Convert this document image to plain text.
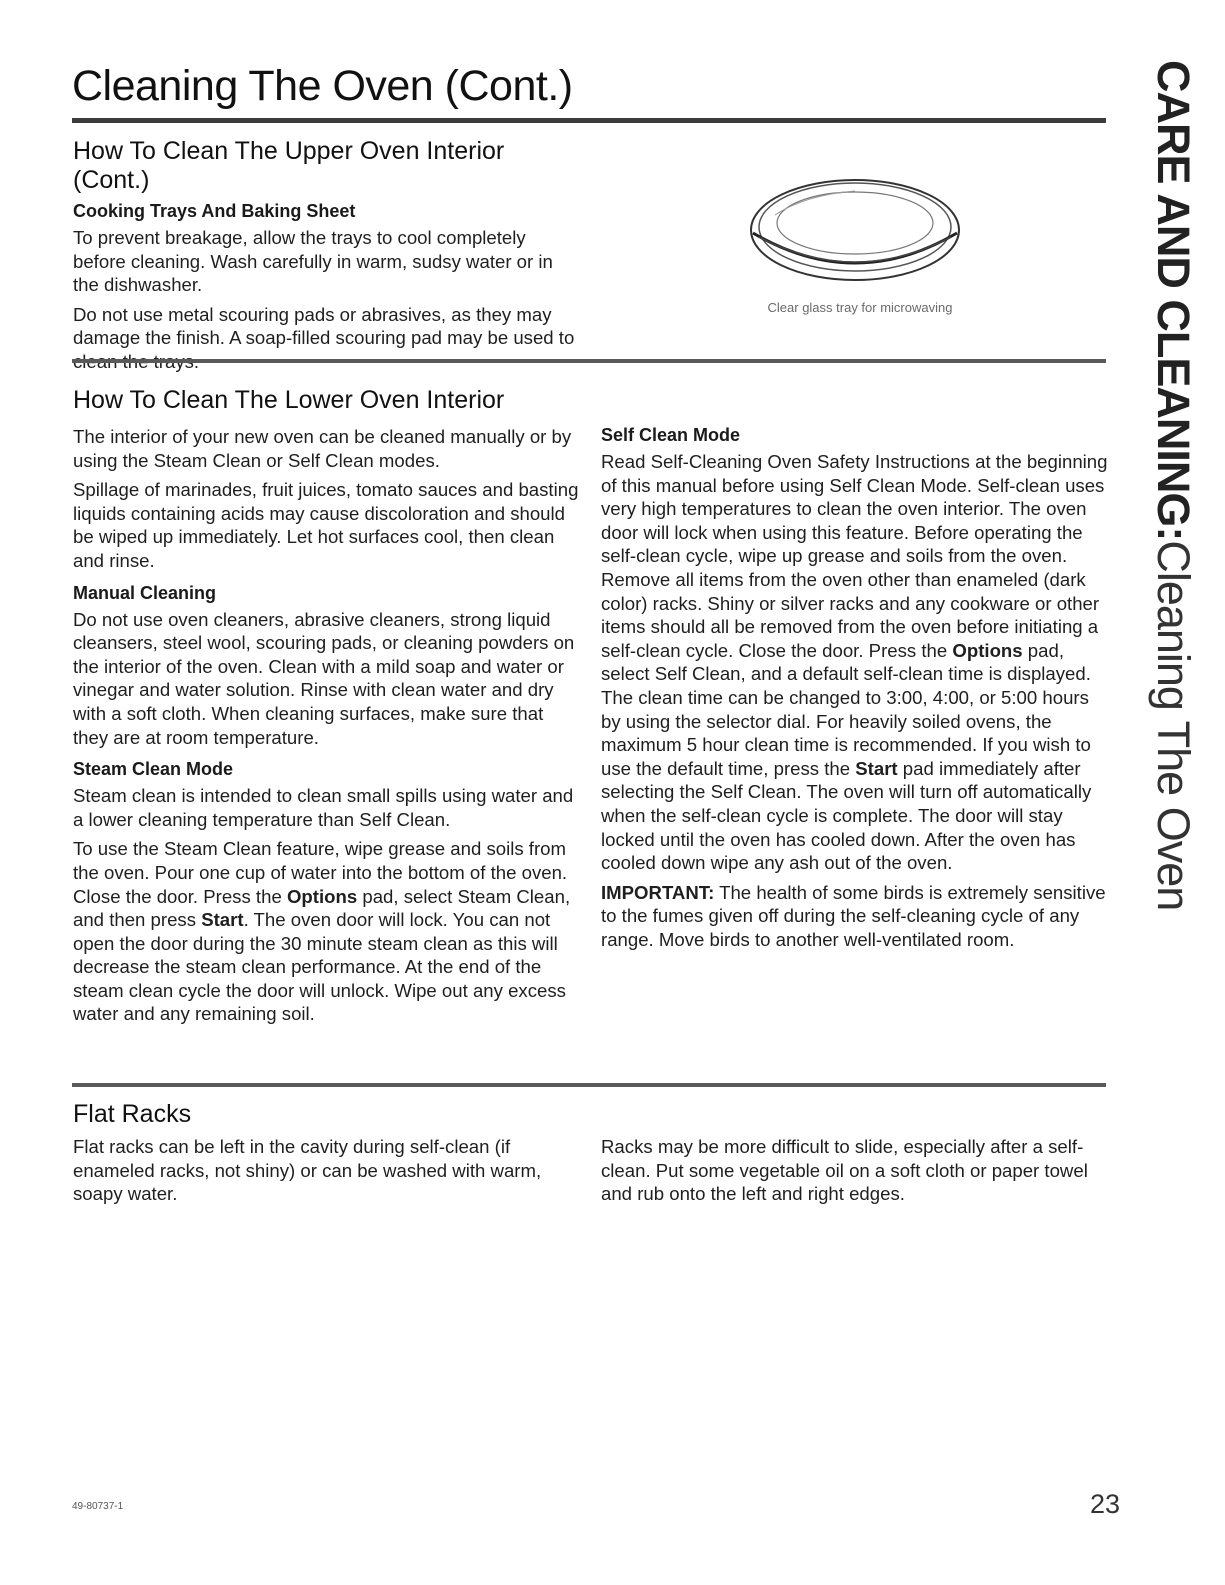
Cleaning The Oven (Cont.)	CARE AND CLEANING:Cleaning The Oven
How To Clean The Upper Oven Interior (Cont.)
Cooking Trays And Baking Sheet

To prevent breakage, allow the trays to cool completely before cleaning. Wash carefully in warm, sudsy water or in the dishwasher.

Do not use metal scouring pads or abrasives, as they may damage the finish. A soap-filled scouring pad may be used to

Clear glass tray for microwaving
How To Clean The Lower Oven Interior

The interior of your new oven can be cleaned manually or by using the Steam Clean or Self Clean modes.

Spillage of marinades, fruit juices, tomato sauces and basting liquids containing acids may cause discoloration and should be wiped up immediately. Let hot surfaces cool, then clean and rinse.

Manual Cleaning

Do not use oven cleaners, abrasive cleaners, strong liquid cleansers, steel wool, scouring pads, or cleaning powders on the interior of the oven. Clean with a mild soap and water or vinegar and water solution. Rinse with clean water and dry with a soft cloth. When cleaning surfaces, make sure that they are at room temperature.

Steam Clean Mode

Steam clean is intended to clean small spills using water and a lower cleaning temperature than Self Clean.

To use the Steam Clean feature, wipe grease and soils from the oven. Pour one cup of water into the bottom of the oven. Close the door. Press the Options pad, select Steam Clean, and then press Start. The oven door will lock. You can not open the door during the 30 minute steam clean as this will decrease the steam clean performance. At the end of the steam clean cycle the door will unlock. Wipe out any excess water and any remaining soil.

Self Clean Mode

Read Self-Cleaning Oven Safety Instructions at the beginning of this manual before using Self Clean Mode. Self-clean uses very high temperatures to clean the oven interior. The oven door will lock when using this feature. Before operating the self-clean cycle, wipe up grease and soils from the oven. Remove all items from the oven other than enameled (dark color) racks. Shiny or silver racks and any cookware or other items should all be removed from the oven before initiating a self-clean cycle. Close the door. Press the Options pad, select Self Clean, and a default self-clean time is displayed. The clean time can be changed to 3:00, 4:00, or 5:00 hours by using the selector dial. For heavily soiled ovens, the maximum 5 hour clean time is recommended. If you wish to use the default time, press the Start pad immediately after selecting the Self Clean. The oven will turn off automatically when the self-clean cycle is complete. The door will stay locked until the oven has cooled down. After the oven has cooled down wipe any ash out of the oven.

IMPORTANT: The health of some birds is extremely sensitive to the fumes given off during the self-cleaning cycle of any range. Move birds to another well-ventilated room.

Flat Racks

Flat racks can be left in the cavity during self-clean (if enameled racks, not shiny) or can be washed with warm, soapy water.

Racks may be more difficult to slide, especially after a self-clean. Put some vegetable oil on a soft cloth or paper towel and rub onto the left and right edges.

49-80737-1	23
